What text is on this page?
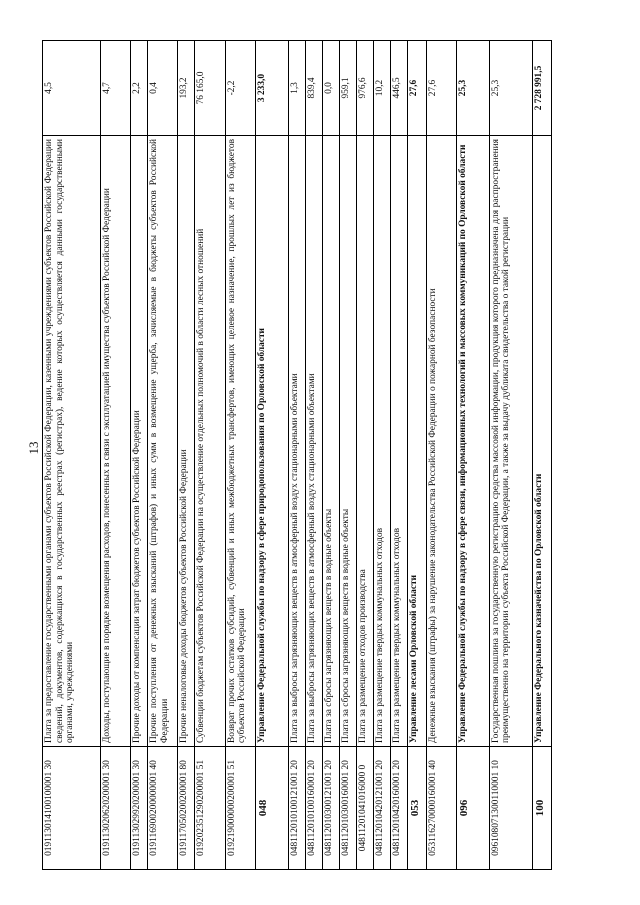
13
019113014100100001 30	Плата за предоставление государственными органами субъектов Российской Федерации, казенными учреждениями субъектов Российской Федерации сведений, документов, содержащихся в государственных реестрах (регистрах), ведение которых осуществляется данными государственными органами, учреждениями	4,5
019113020620200001 30	Доходы, поступающие в порядке возмещения расходов, понесенных в связи с эксплуатацией имущества субъектов Российской Федерации	4,7
019113029920200001 30	Прочие доходы от компенсации затрат бюджетов субъектов Российской Федерации	2,2
019116900200000001 40	Прочие поступления от денежных взысканий (штрафов) и иных сумм в возмещение ущерба, зачисляемые в бюджеты субъектов Российской Федерации	0,4
019117050200200001 80	Прочие неналоговые доходы бюджетов субъектов Российской Федерации	193,2
019202351290200001 51	Субвенции бюджетам субъектов Российской Федерации на осуществление отдельных полномочий в области лесных отношений	76 165,0
019219000000200001 51	Возврат прочих остатков субсидий, субвенций и иных межбюджетных трансфертов, имеющих целевое назначение, прошлых лет из бюджетов субъектов Российской Федерации	-2,2
048	Управление Федеральной службы по надзору в сфере природопользования по Орловской области	3 233,0
048112010100121001 20	Плата за выбросы загрязняющих веществ в атмосферный воздух стационарными объектами	1,3
048112010100160001 20	Плата за выбросы загрязняющих веществ в атмосферный воздух стационарными объектами	839,4
048112010300121001 20	Плата за сбросы загрязняющих веществ в водные объекты	0,0
048112010300160001 20	Плата за сбросы загрязняющих веществ в водные объекты	959,1
04811201041016000 0	Плата за размещение отходов производства	976,6
048112010420121001 20	Плата за размещение твердых коммунальных отходов	10,2
048112010420160001 20	Плата за размещение твердых коммунальных отходов	446,5
053	Управление лесами Орловской области	27,6
053116270000160001 40	Денежные взыскания (штрафы) за нарушение законодательства Российской Федерации о пожарной безопасности	27,6
096	Управление Федеральной службы по надзору в сфере связи, информационных технологий и массовых коммуникаций по Орловской области	25,3
096108071300110001 10	Государственная пошлина за государственную регистрацию средства массовой информации, продукция которого предназначена для распространения преимущественно на территории субъекта Российской Федерации, а также за выдачу дубликата свидетельства о такой регистрации	25,3
100	Управление Федерального казначейства по Орловской области	2 728 991,5
